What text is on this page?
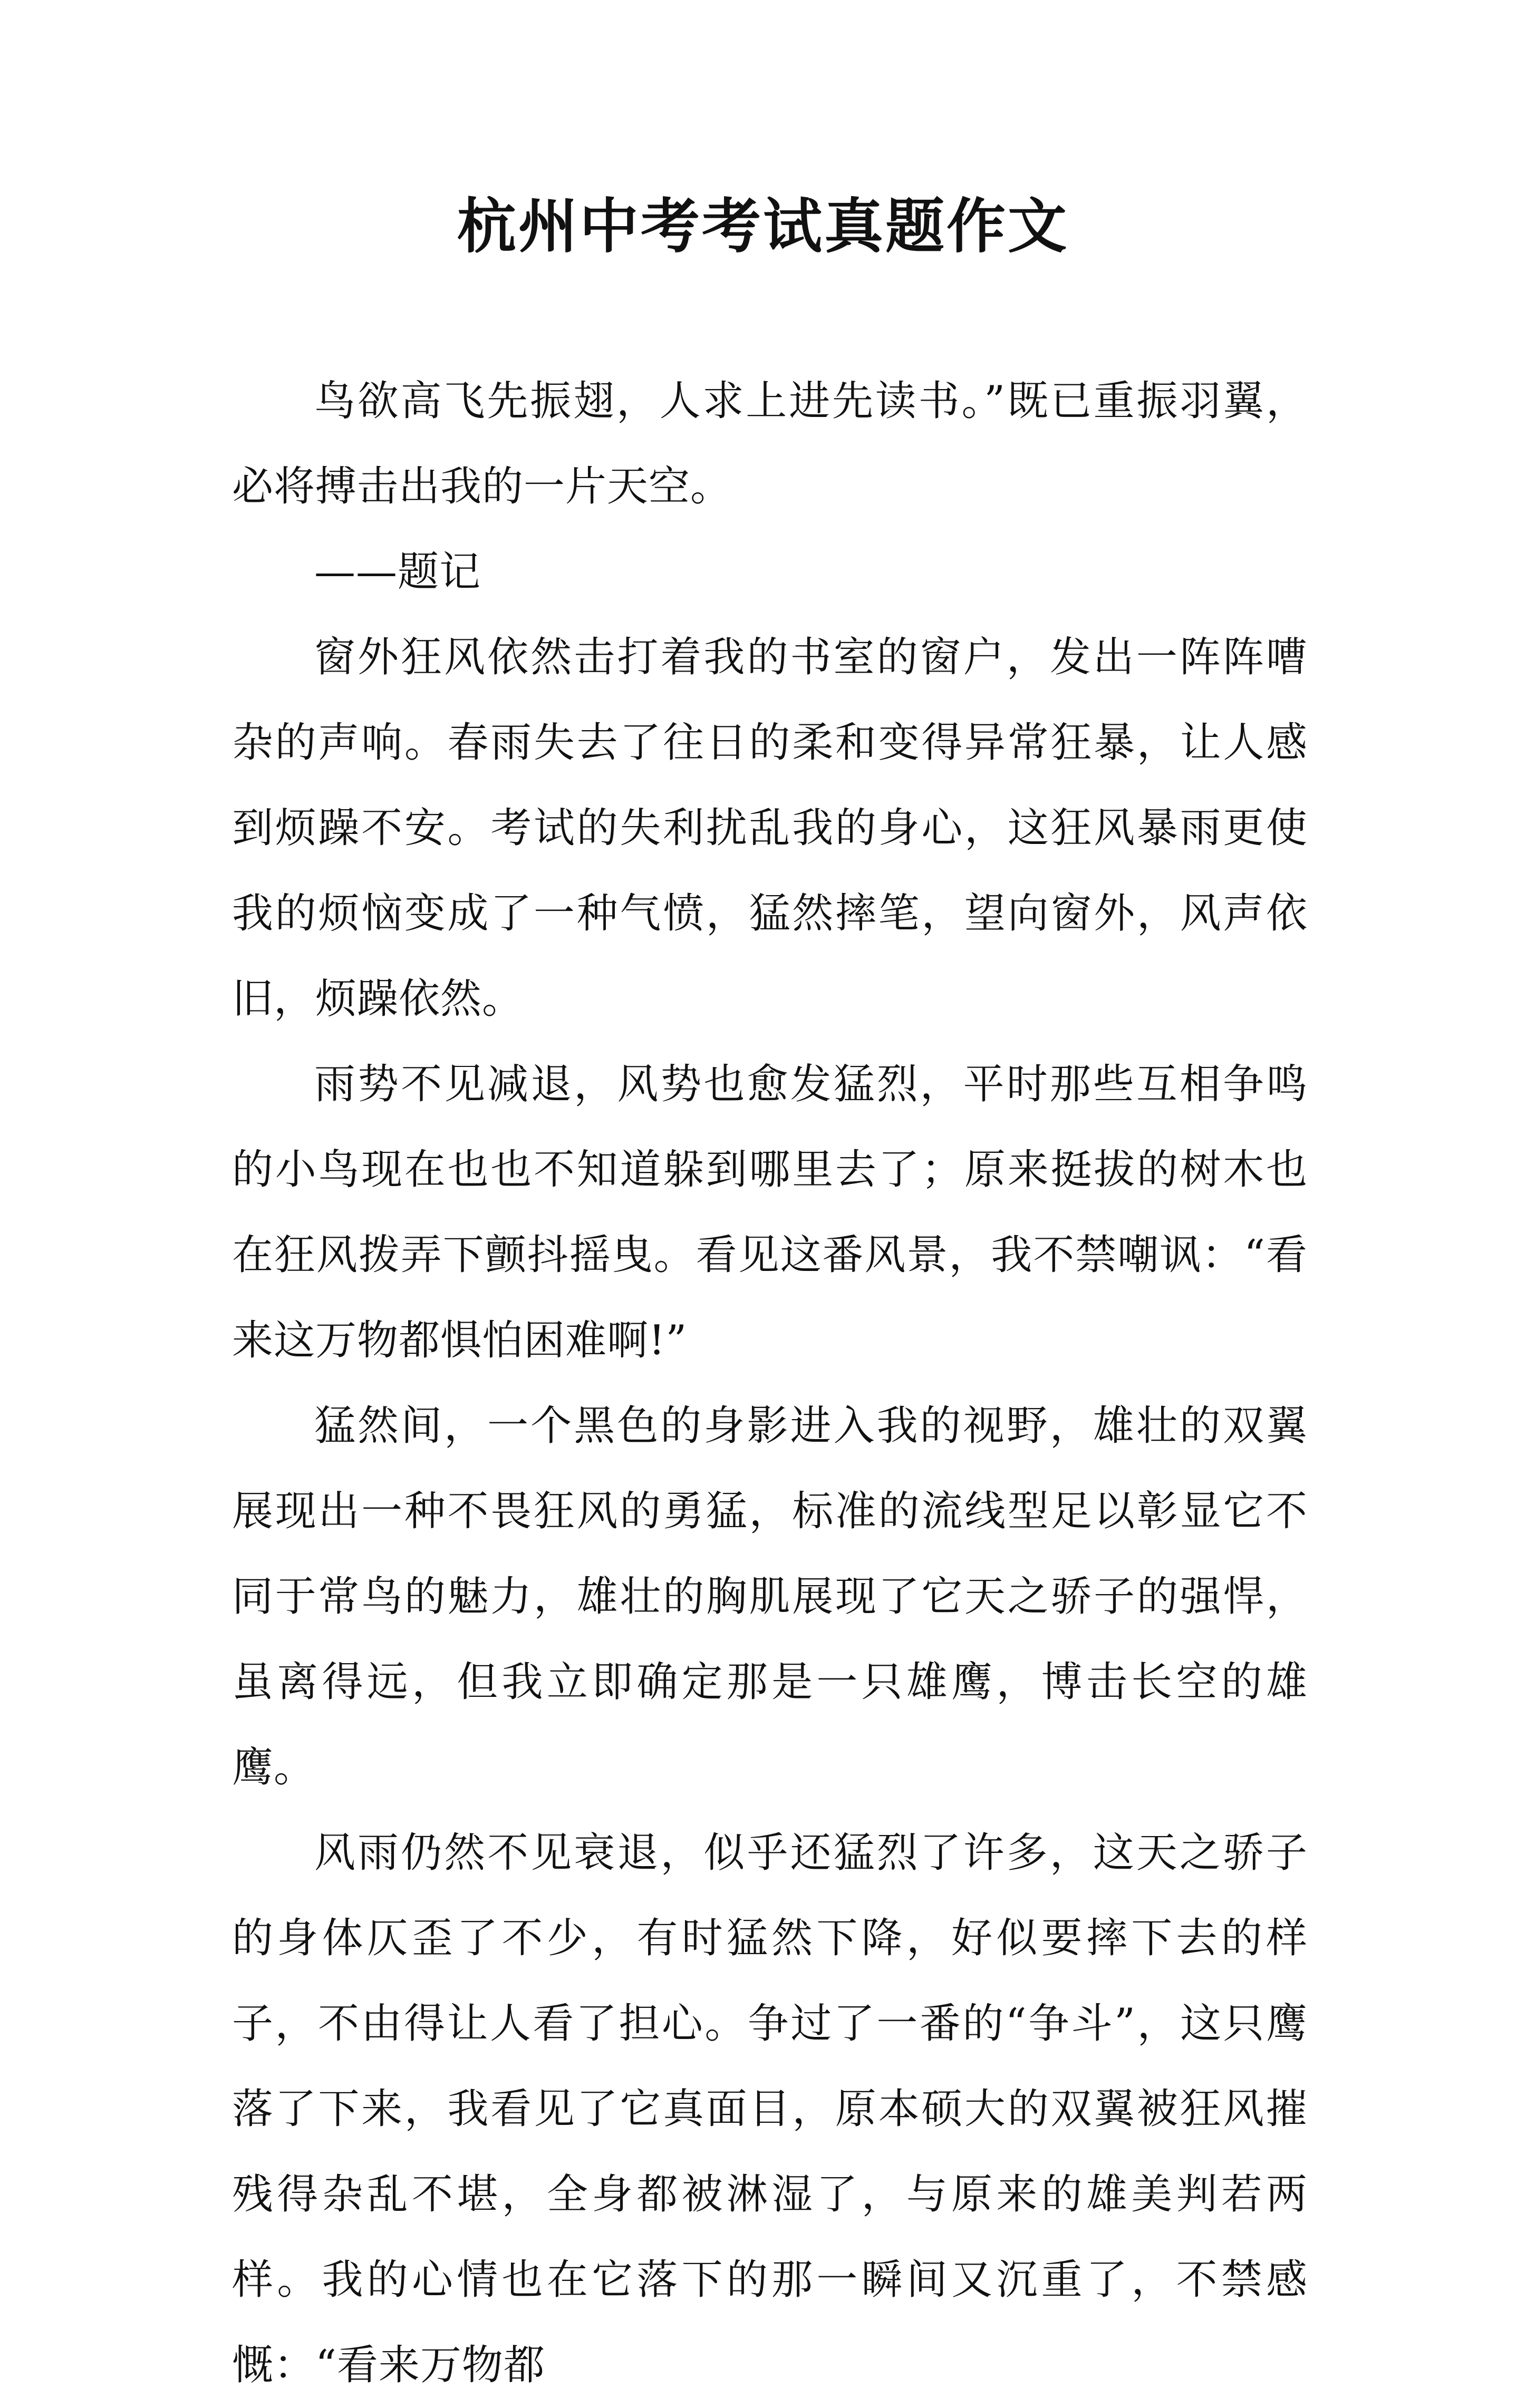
杭州中考考试真题作文

鸟欲高飞先振翅，人求上进先读书。”既已重振羽翼，必将搏击出我的一片天空。

——题记

窗外狂风依然击打着我的书室的窗户，发出一阵阵嘈杂的声响。春雨失去了往日的柔和变得异常狂暴，让人感到烦躁不安。考试的失利扰乱我的身心，这狂风暴雨更使我的烦恼变成了一种气愤，猛然摔笔，望向窗外，风声依旧，烦躁依然。

雨势不见减退，风势也愈发猛烈，平时那些互相争鸣的小鸟现在也也不知道躲到哪里去了；原来挺拔的树木也在狂风拨弄下颤抖摇曳。看见这番风景，我不禁嘲讽：“看来这万物都惧怕困难啊!”

猛然间，一个黑色的身影进入我的视野，雄壮的双翼展现出一种不畏狂风的勇猛，标准的流线型足以彰显它不同于常鸟的魅力，雄壮的胸肌展现了它天之骄子的强悍，虽离得远，但我立即确定那是一只雄鹰，博击长空的雄鹰。

风雨仍然不见衰退，似乎还猛烈了许多，这天之骄子的身体仄歪了不少，有时猛然下降，好似要摔下去的样子，不由得让人看了担心。争过了一番的“争斗”，这只鹰落了下来，我看见了它真面目，原本硕大的双翼被狂风摧残得杂乱不堪，全身都被淋湿了，与原来的雄美判若两样。我的心情也在它落下的那一瞬间又沉重了，不禁感慨：“看来万物都
